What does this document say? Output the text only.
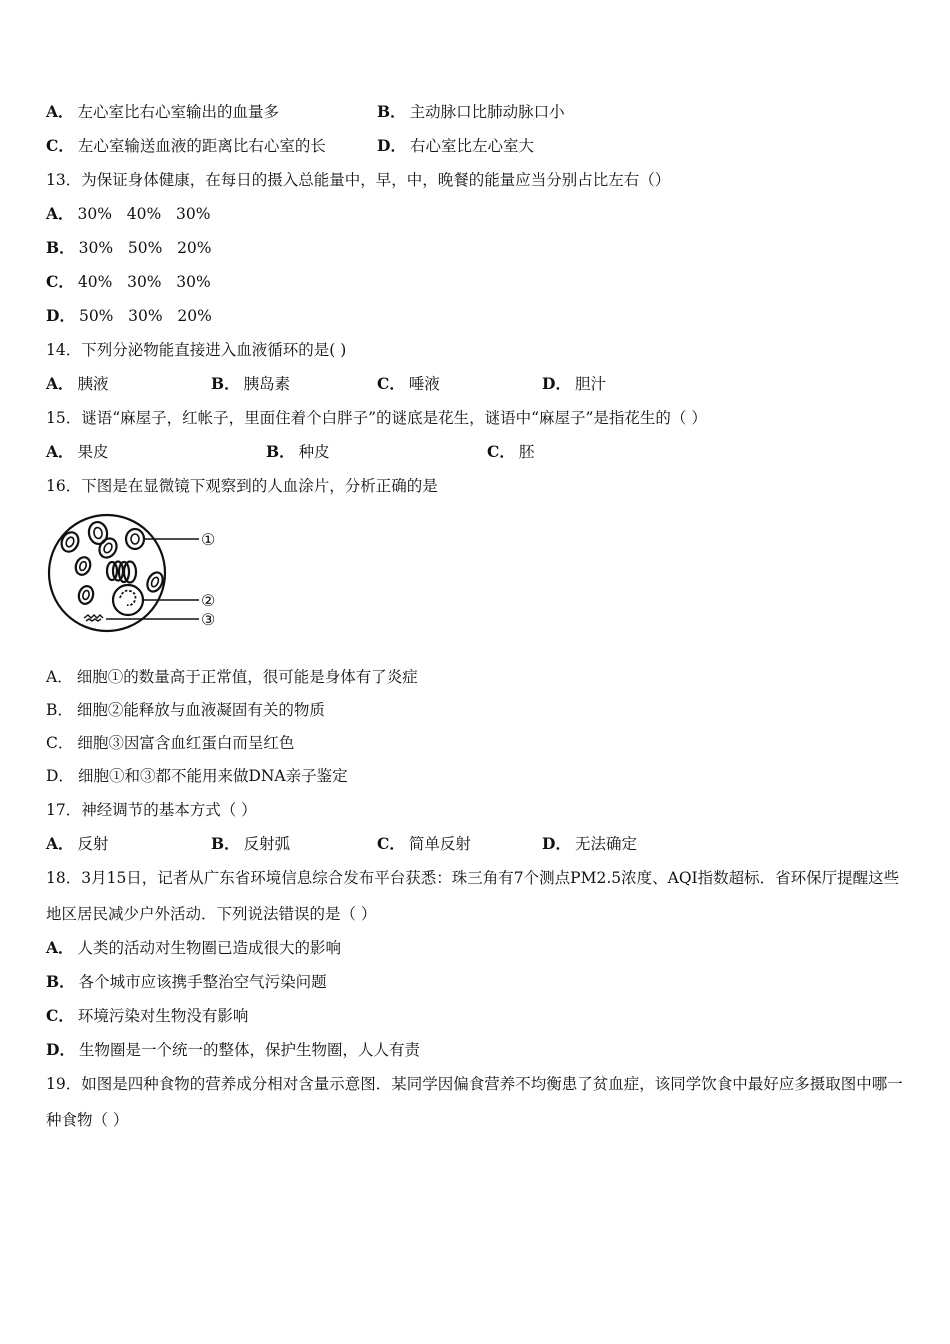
A． 左心室比右心室输出的血量多	B． 主动脉口比肺动脉口小
C． 左心室输送血液的距离比右心室的长	D． 右心室比左心室大
13．为保证身体健康，在每日的摄入总能量中，早，中，晚餐的能量应当分别占比左右（）
A． 30%   40%   30%
B． 30%   50%   20%
C． 40%   30%   30%
D． 50%   30%   20%
14．下列分泌物能直接进入血液循环的是( )
A． 胰液	B． 胰岛素	C． 唾液	D． 胆汁
15．谜语“麻屋子，红帐子，里面住着个白胖子”的谜底是花生，谜语中“麻屋子”是指花生的（ ）
A． 果皮	B． 种皮	C． 胚
16．下图是在显微镜下观察到的人血涂片，分析正确的是
①
②
③
A． 细胞①的数量高于正常值，很可能是身体有了炎症
B． 细胞②能释放与血液凝固有关的物质
C． 细胞③因富含血红蛋白而呈红色
D． 细胞①和③都不能用来做DNA亲子鉴定
17．神经调节的基本方式（ ）
A． 反射	B． 反射弧	C． 简单反射	D． 无法确定
18．3月15日，记者从广东省环境信息综合发布平台获悉：珠三角有7个测点PM2.5浓度、AQI指数超标．省环保厅提醒这些地区居民减少户外活动．下列说法错误的是（ ）
A． 人类的活动对生物圈已造成很大的影响
B． 各个城市应该携手整治空气污染问题
C． 环境污染对生物没有影响
D． 生物圈是一个统一的整体，保护生物圈，人人有责
19．如图是四种食物的营养成分相对含量示意图．某同学因偏食营养不均衡患了贫血症，该同学饮食中最好应多摄取图中哪一种食物（ ）
